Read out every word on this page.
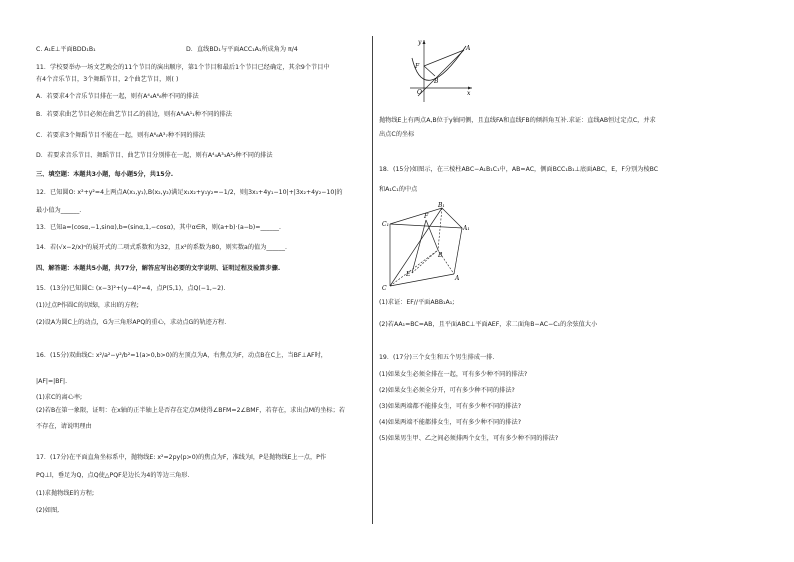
C. A₁E⊥平面BDD₁B₁	D．直线BD₁与平面ACC₁A₁所成角为 π/4
11．学校要举办一场文艺晚会的11个节目的演出顺序，第1个节目和最后1个节目已经确定，其余9个节目中
有4个音乐节目，3个舞蹈节目，2个曲艺节目，则( )
A．若要求4个音乐节目排在一起，则有A⁴₄A⁶₆种不同的排法
B．若要求曲艺节目必须在曲艺节目乙的前边，则有A⁸₈A¹₁种不同的排法
C．若要求3个舞蹈节目不能在一起，则有A⁶₆A³₇种不同的排法
D．若要求音乐节目、舞蹈节目、曲艺节目分别排在一起，则有A⁴₄A³₃A²₂种不同的排法
三、填空题：本题共3小题，每小题5分，共15分.
12．已知圆O: x²+y²=4上两点A(x₁,y₁),B(x₂,y₂)满足x₁x₂+y₁y₂=−1/2，则|3x₁+4y₁−10|+|3x₂+4y₂−10|的
最小值为______.
13．已知a=(cosα,−1,sinα),b=(sinα,1,−cosα)，其中α∈R，则(a+b)·(a−b)=______.
14．若(√x−2/x)ⁿ的展开式的二项式系数和为32，且x²的系数为80，则实数a的值为______.
四、解答题：本题共5小题，共77分，解答应写出必要的文字说明、证明过程及验算步骤.
15．(13分)已知圆C: (x−3)²+(y−4)²=4，点P(5,1)，点Q(−1,−2).
(1)过点P作圆C的切线l，求出l的方程;
(2)设A为圆C上的动点，G为三角形APQ的重心，求动点G的轨迹方程.
16．(15分)双曲线C: x²/a²−y²/b²=1(a>0,b>0)的左顶点为A，右焦点为F，动点B在C上，当BF⊥AF时，
|AF|=|BF|.
(1)求C的离心率;
(2)若B在第一象限，证明：在x轴的正半轴上是否存在定点M使得∠BFM=2∠BMF，若存在，求出点M的坐标；若
不存在，请说明理由
17．(17分)在平面直角坐标系中，抛物线E: x²=2py(p>0)的焦点为F，准线为l，P是抛物线E上一点，P作
PQ⊥l，垂足为Q，点Q使△PQF是边长为4的等边三角形.
(1)求抛物线E的方程;
(2)如图,
抛物线E上有两点A,B位于y轴同侧，且直线FA和直线FB的倾斜角互补.求证：直线AB恒过定点C，并求
出点C的坐标
18．(15分)如图示，在三棱柱ABC−A₁B₁C₁中，AB=AC，侧面BCC₁B₁⊥底面ABC，E，F分别为棱BC
和A₁C₁的中点
(1)求证：EF//平面ABB₁A₁;
(2)若AA₁=BC=AB，且平面ABC⊥平面AEF，求二面角B−AC−C₁的余弦值大小
19．(17分)三个女生和五个男生排成一排.
(1)如果女生必须全排在一起，可有多少种不同的排法?
(2)如果女生必须全分开，可有多少种不同的排法?
(3)如果两端都不能排女生，可有多少种不同的排法?
(4)如果两端不能都排女生，可有多少种不同的排法?
(5)如果男生甲、乙之间必须排两个女生，可有多少种不同的排法?
y
x
O
F
A
B
C₁
B₁
A₁
F
C
E
A
B
